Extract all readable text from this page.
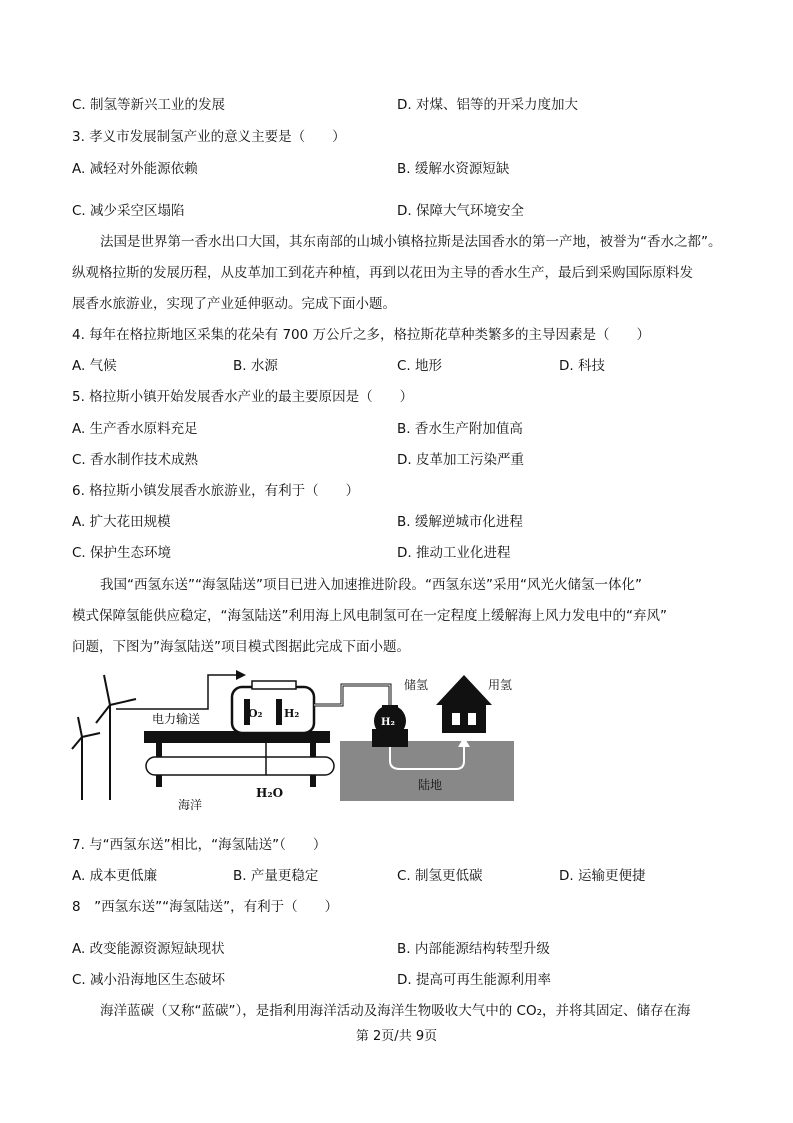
C. 制氢等新兴工业的发展	D. 对煤、铝等的开采力度加大
3. 孝义市发展制氢产业的意义主要是（　　）
A. 减轻对外能源依赖	B. 缓解水资源短缺
C. 减少采空区塌陷	D. 保障大气环境安全
法国是世界第一香水出口大国，其东南部的山城小镇格拉斯是法国香水的第一产地，被誉为“香水之都”。
纵观格拉斯的发展历程，从皮革加工到花卉种植，再到以花田为主导的香水生产，最后到采购国际原料发
展香水旅游业，实现了产业延伸驱动。完成下面小题。
4. 每年在格拉斯地区采集的花朵有 700 万公斤之多，格拉斯花草种类繁多的主导因素是（　　）
A. 气候	B. 水源	C. 地形	D. 科技
5. 格拉斯小镇开始发展香水产业的最主要原因是（　　）
A. 生产香水原料充足	B. 香水生产附加值高
C. 香水制作技术成熟	D. 皮革加工污染严重
6. 格拉斯小镇发展香水旅游业，有利于（　　）
A. 扩大花田规模	B. 缓解逆城市化进程
C. 保护生态环境	D. 推动工业化进程
我国“西氢东送”“海氢陆送”项目已进入加速推进阶段。“西氢东送”采用“风光火储氢一体化”
模式保障氢能供应稳定，“海氢陆送”利用海上风电制氢可在一定程度上缓解海上风力发电中的“弃风”
问题，下图为”海氢陆送”项目模式图据此完成下面小题。
电力输送	O₂ H₂
H₂
储氢	用氢
陆地
海洋
H₂O
7. 与“西氢东送”相比，“海氢陆送”（　　）
A. 成本更低廉	B. 产量更稳定	C. 制氢更低碳	D. 运输更便捷
8　”西氢东送”“海氢陆送”，有利于（　　）
A. 改变能源资源短缺现状	B. 内部能源结构转型升级
C. 减小沿海地区生态破坏	D. 提高可再生能源利用率
海洋蓝碳（又称“蓝碳”），是指利用海洋活动及海洋生物吸收大气中的 CO₂，并将其固定、储存在海
第 2页/共 9页
